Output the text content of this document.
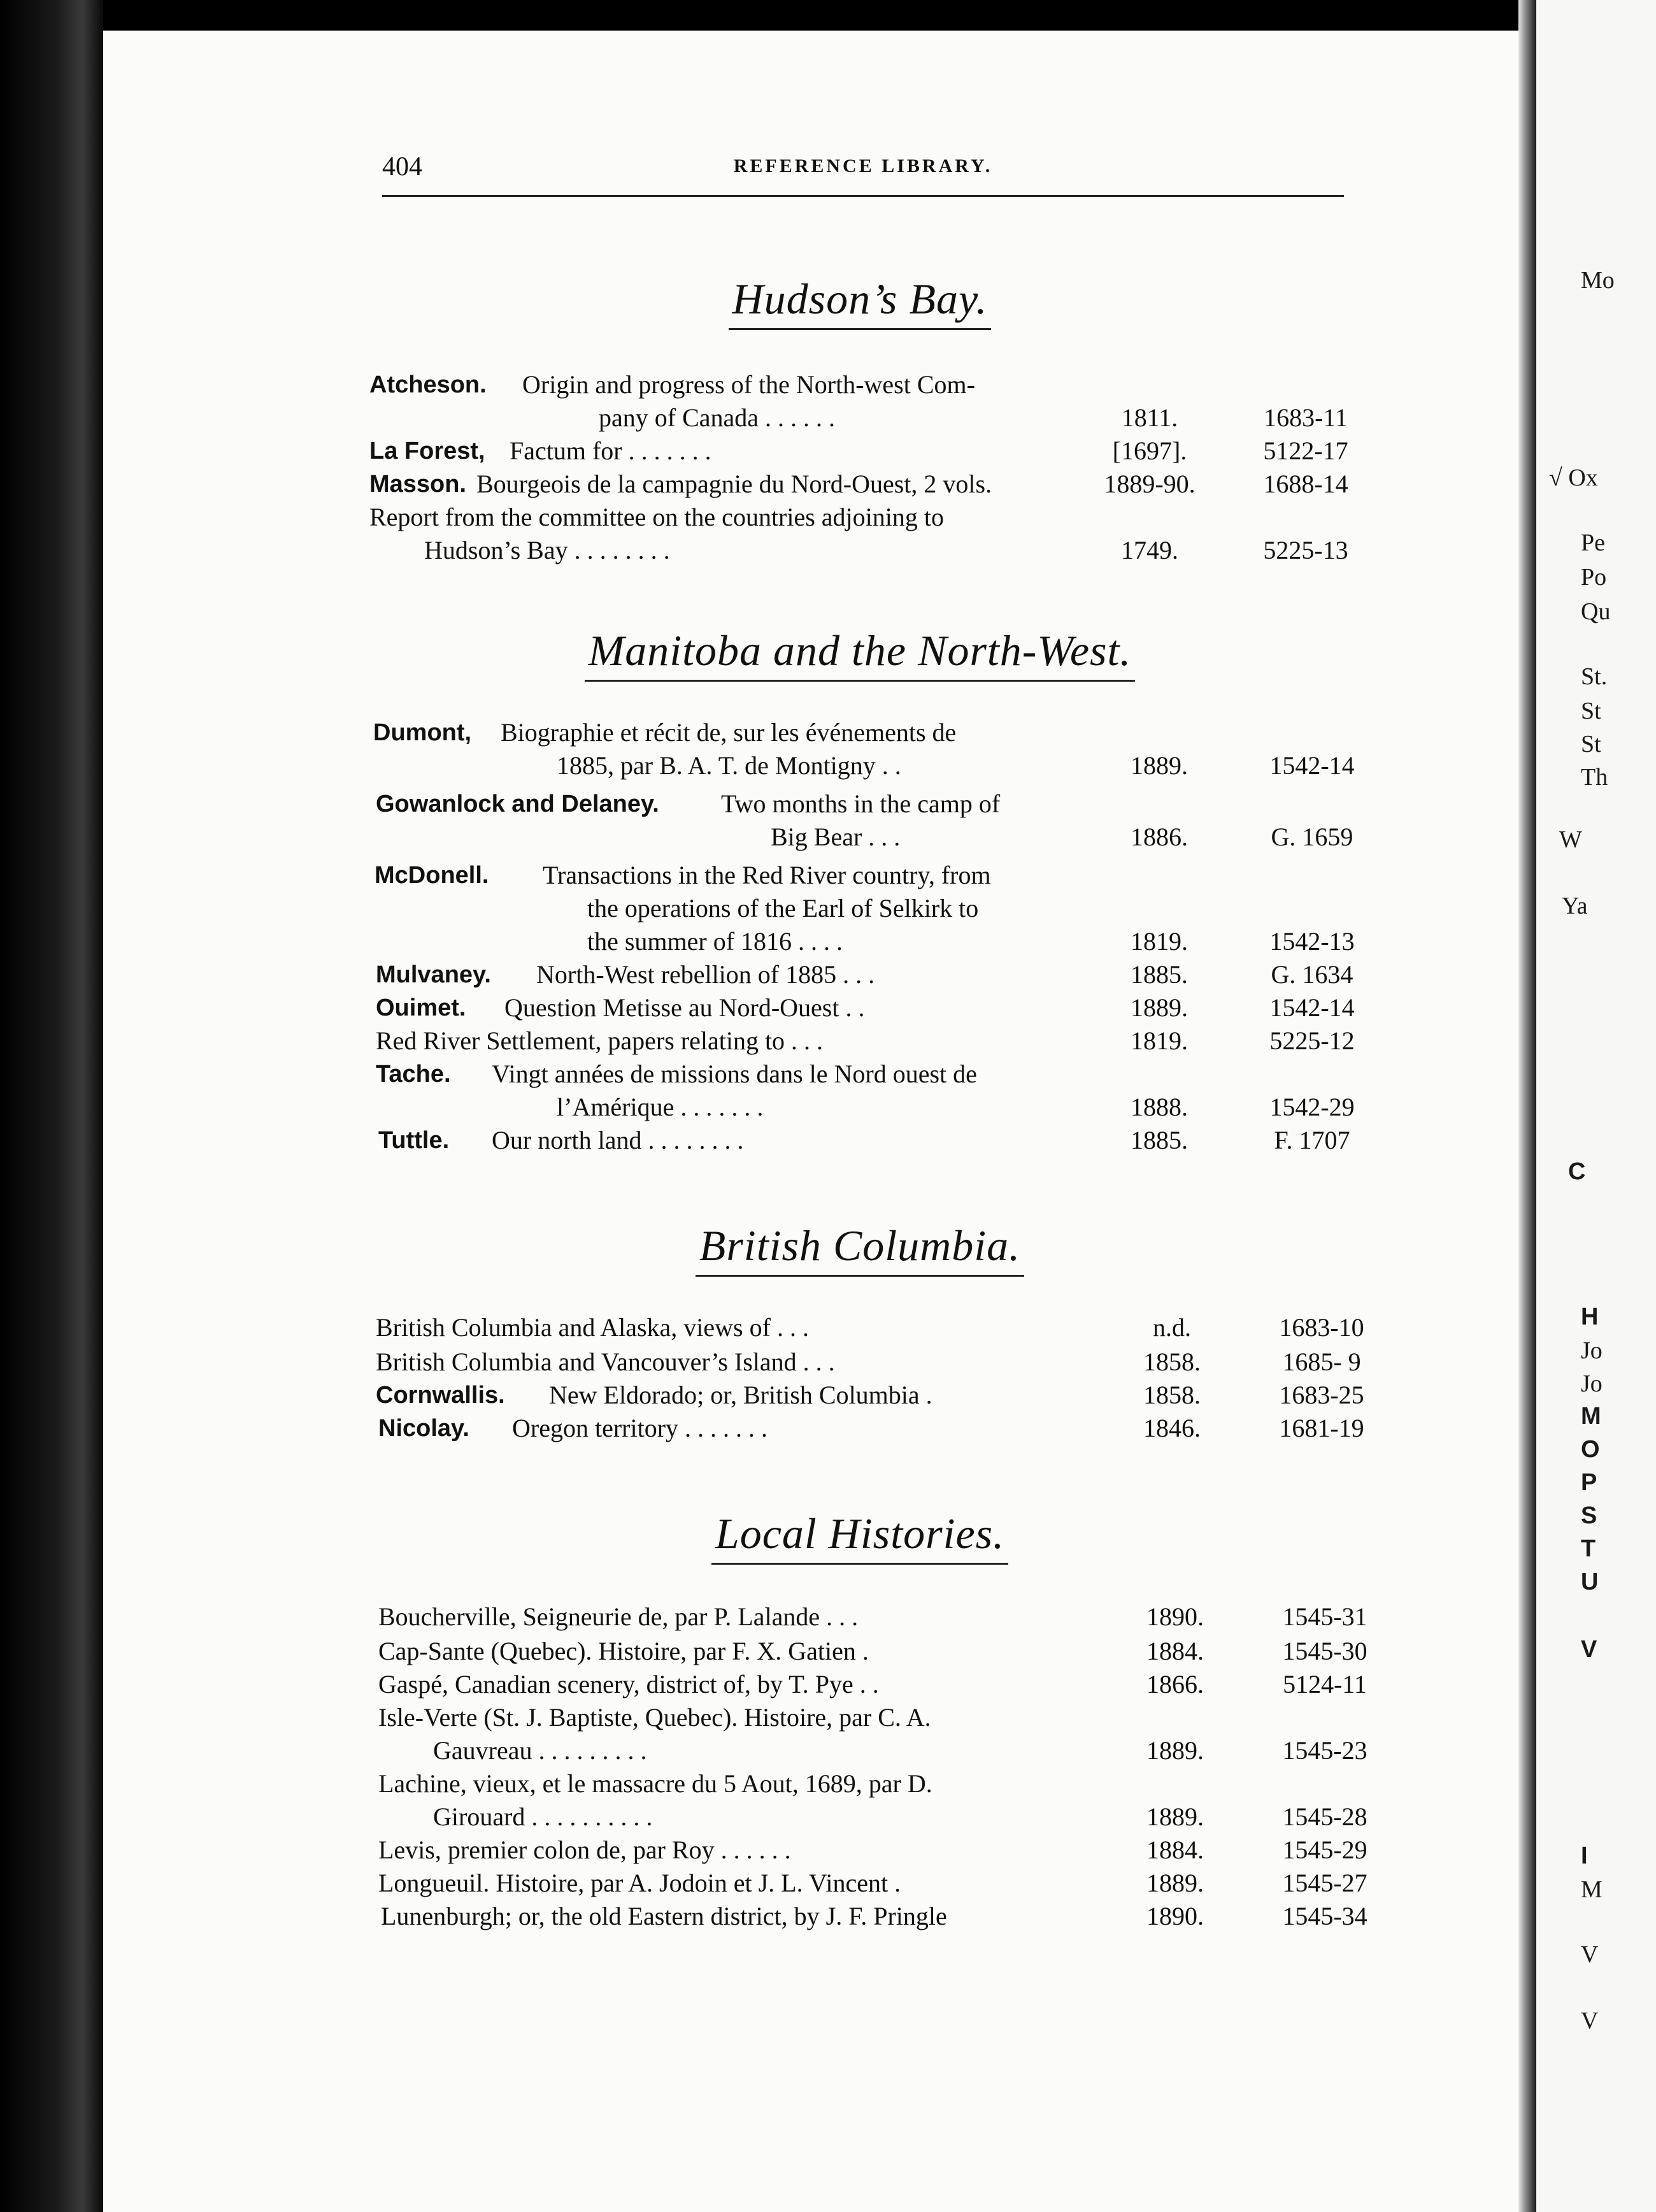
Mo
√ Ox
Pe
Po
Qu
St.
St
St
Th
W
Ya
C
H
Jo
Jo
M
O
P
S
T
U
V
I
M
V
V
404	REFERENCE LIBRARY.
Hudson’s Bay.
Atcheson. Origin and progress of the North-west Com-
pany of Canada . . . . . .	1811.	1683-11
La Forest, Factum for . . . . . . .	[1697].	5122-17
Masson. Bourgeois de la campagnie du Nord-Ouest, 2 vols.	1889-90.	1688-14
Report from the committee on the countries adjoining to
Hudson’s Bay . . . . . . . .	1749.	5225-13
Manitoba and the North-West.
Dumont, Biographie et récit de, sur les événements de
1885, par B. A. T. de Montigny . .	1889.	1542-14
Gowanlock and Delaney. Two months in the camp of
Big Bear . . .	1886.	G. 1659
McDonell. Transactions in the Red River country, from
the operations of the Earl of Selkirk to
the summer of 1816 . . . .	1819.	1542-13
Mulvaney. North-West rebellion of 1885 . . .	1885.	G. 1634
Ouimet. Question Metisse au Nord-Ouest . .	1889.	1542-14
Red River Settlement, papers relating to . . .	1819.	5225-12
Tache. Vingt années de missions dans le Nord ouest de
l’Amérique . . . . . . .	1888.	1542-29
Tuttle. Our north land . . . . . . . .	1885.	F. 1707
British Columbia.
British Columbia and Alaska, views of . . .	n.d.	1683-10
British Columbia and Vancouver’s Island . . .	1858.	1685- 9
Cornwallis. New Eldorado; or, British Columbia .	1858.	1683-25
Nicolay. Oregon territory . . . . . . .	1846.	1681-19
Local Histories.
Boucherville, Seigneurie de, par P. Lalande . . .	1890.	1545-31
Cap-Sante (Quebec). Histoire, par F. X. Gatien .	1884.	1545-30
Gaspé, Canadian scenery, district of, by T. Pye . .	1866.	5124-11
Isle-Verte (St. J. Baptiste, Quebec). Histoire, par C. A.
Gauvreau . . . . . . . . .	1889.	1545-23
Lachine, vieux, et le massacre du 5 Aout, 1689, par D.
Girouard . . . . . . . . . .	1889.	1545-28
Levis, premier colon de, par Roy . . . . . .	1884.	1545-29
Longueuil. Histoire, par A. Jodoin et J. L. Vincent .	1889.	1545-27
Lunenburgh; or, the old Eastern district, by J. F. Pringle	1890.	1545-34
